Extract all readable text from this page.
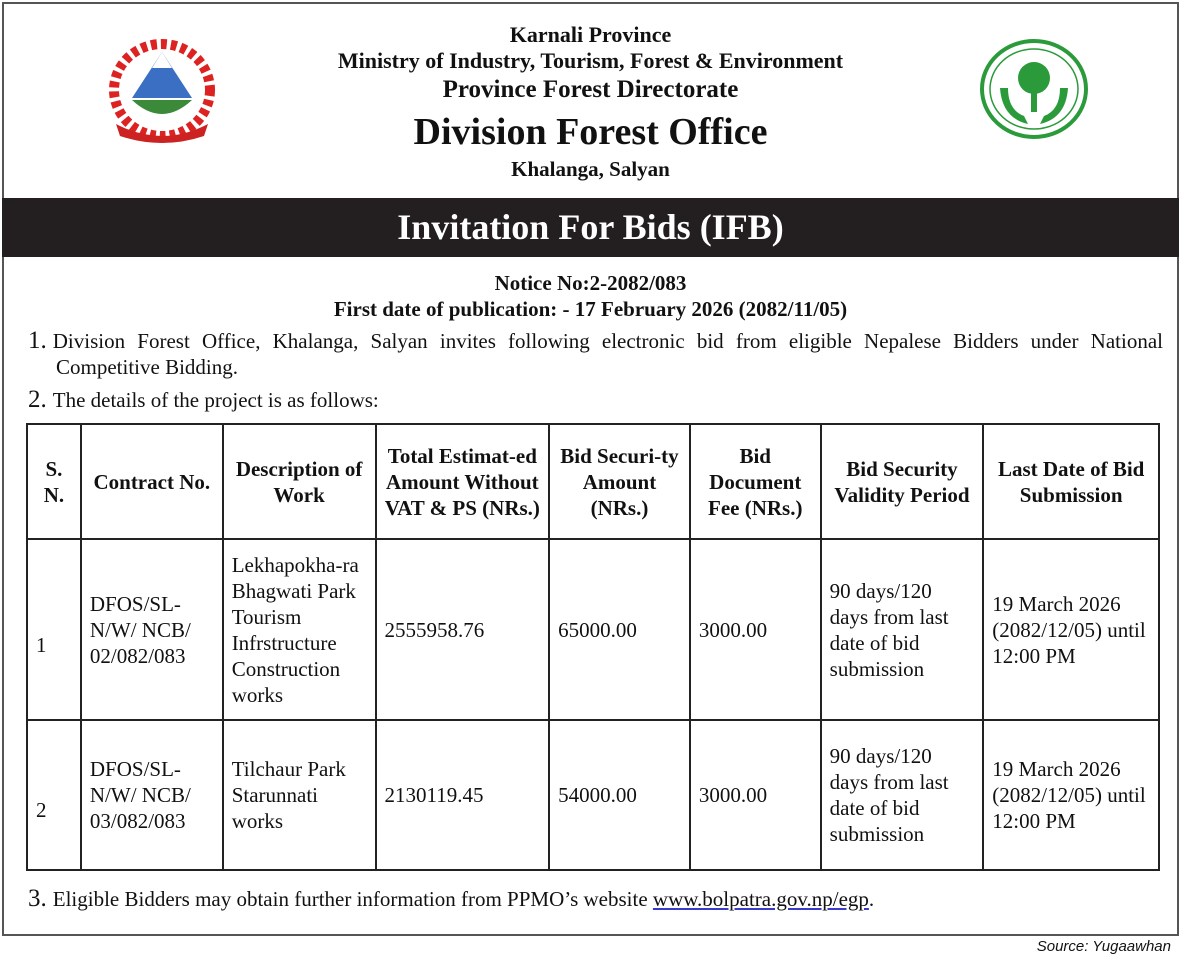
Karnali Province
Ministry of Industry, Tourism, Forest & Environment
Province Forest Directorate
Division Forest Office
Khalanga, Salyan
Invitation For Bids (IFB)
Notice No:2-2082/083
First date of publication: - 17 February 2026 (2082/11/05)
1. Division Forest Office, Khalanga, Salyan invites following electronic bid from eligible Nepalese Bidders under National Competitive Bidding.
2. The details of the project is as follows:
S. N.	Contract No.	Description of Work	Total Estimat-ed Amount Without VAT & PS (NRs.)	Bid Securi-ty Amount (NRs.)	Bid Document Fee (NRs.)	Bid Security Validity Period	Last Date of Bid Submission
1	DFOS/SL-N/W/ NCB/ 02/082/083	Lekhapokha-ra Bhagwati Park Tourism Infrstructure Construction works	2555958.76	65000.00	3000.00	90 days/120 days from last date of bid submission	19 March 2026 (2082/12/05) until 12:00 PM
2	DFOS/SL-N/W/ NCB/ 03/082/083	Tilchaur Park Starunnati works	2130119.45	54000.00	3000.00	90 days/120 days from last date of bid submission	19 March 2026 (2082/12/05) until 12:00 PM
3. Eligible Bidders may obtain further information from PPMO’s website www.bolpatra.gov.np/egp.
Source: Yugaawhan
